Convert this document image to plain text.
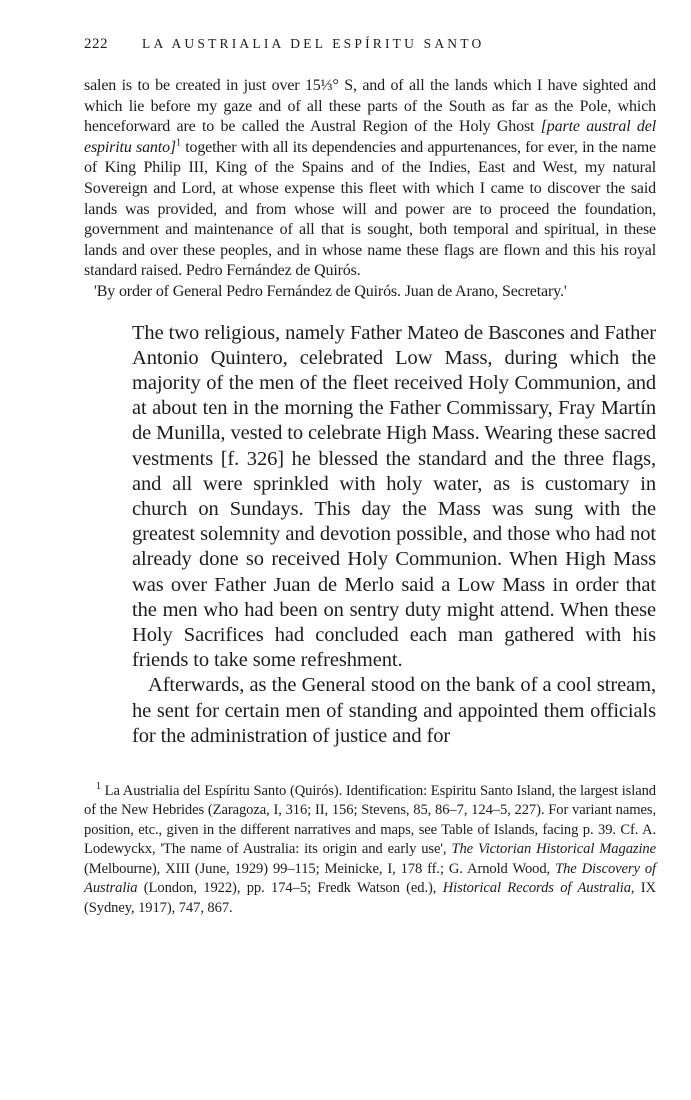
222	LA AUSTRIALIA DEL ESPÍRITU SANTO

salen is to be created in just over 15⅓° S, and of all the lands which I have sighted and which lie before my gaze and of all these parts of the South as far as the Pole, which henceforward are to be called the Austral Region of the Holy Ghost [parte austral del espiritu santo]$^1$ together with all its dependencies and appurtenances, for ever, in the name of King Philip III, King of the Spains and of the Indies, East and West, my natural Sovereign and Lord, at whose expense this fleet with which I came to discover the said lands was provided, and from whose will and power are to proceed the foundation, government and maintenance of all that is sought, both temporal and spiritual, in these lands and over these peoples, and in whose name these flags are flown and this his royal standard raised. Pedro Fernández de Quirós.

'By order of General Pedro Fernández de Quirós. Juan de Arano, Secretary.'

The two religious, namely Father Mateo de Bascones and Father Antonio Quintero, celebrated Low Mass, during which the majority of the men of the fleet received Holy Communion, and at about ten in the morning the Father Commissary, Fray Martín de Munilla, vested to celebrate High Mass. Wearing these sacred vestments [f. 326] he blessed the standard and the three flags, and all were sprinkled with holy water, as is customary in church on Sundays. This day the Mass was sung with the greatest solemnity and devotion possible, and those who had not already done so received Holy Communion. When High Mass was over Father Juan de Merlo said a Low Mass in order that the men who had been on sentry duty might attend. When these Holy Sacrifices had concluded each man gathered with his friends to take some refreshment.

Afterwards, as the General stood on the bank of a cool stream, he sent for certain men of standing and appointed them officials for the administration of justice and for

$^1$ La Austrialia del Espíritu Santo (Quirós). Identification: Espiritu Santo Island, the largest island of the New Hebrides (Zaragoza, I, 316; II, 156; Stevens, 85, 86–7, 124–5, 227). For variant names, position, etc., given in the different narratives and maps, see Table of Islands, facing p. 39. Cf. A. Lodewyckx, 'The name of Australia: its origin and early use', The Victorian Historical Magazine (Melbourne), XIII (June, 1929) 99–115; Meinicke, I, 178 ff.; G. Arnold Wood, The Discovery of Australia (London, 1922), pp. 174–5; Fredk Watson (ed.), Historical Records of Australia, IX (Sydney, 1917), 747, 867.
